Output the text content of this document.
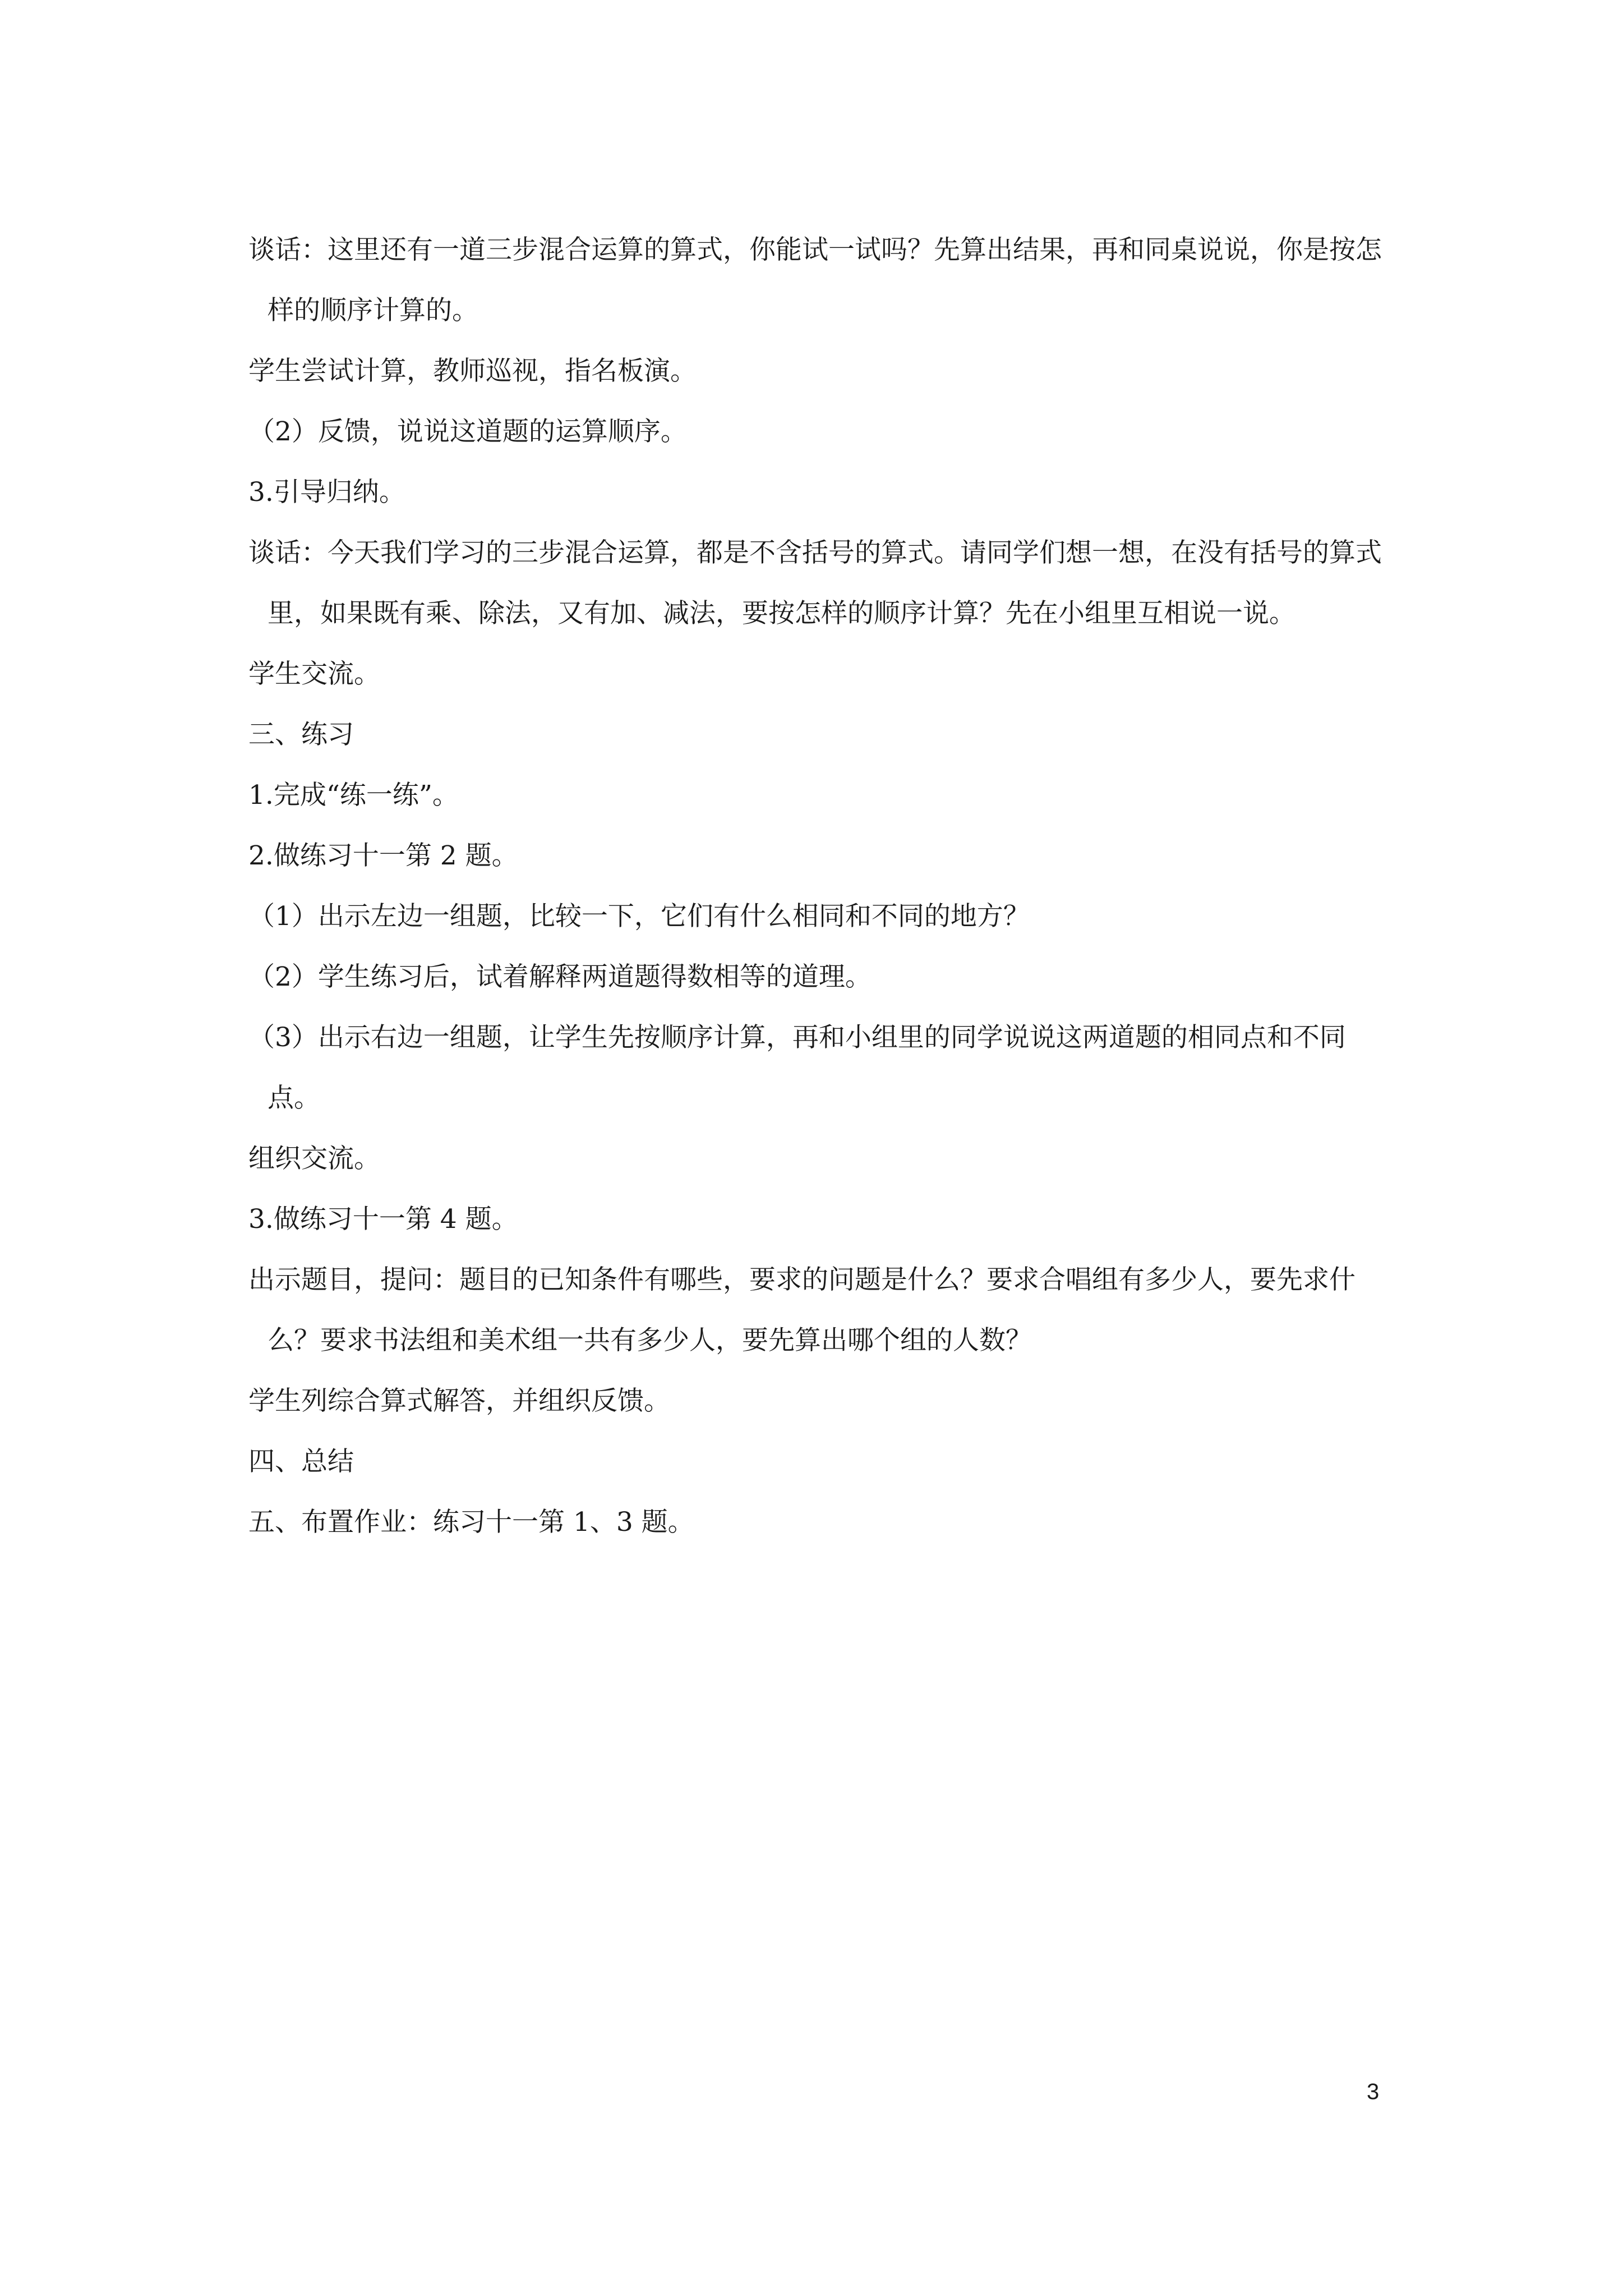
谈话：这里还有一道三步混合运算的算式，你能试一试吗？先算出结果，再和同桌说说，你是按怎样的顺序计算的。

学生尝试计算，教师巡视，指名板演。

（2）反馈，说说这道题的运算顺序。

3.引导归纳。

谈话：今天我们学习的三步混合运算，都是不含括号的算式。请同学们想一想，在没有括号的算式里，如果既有乘、除法，又有加、减法，要按怎样的顺序计算？先在小组里互相说一说。

学生交流。

三、练习

1.完成“练一练”。

2.做练习十一第 2 题。

（1）出示左边一组题，比较一下，它们有什么相同和不同的地方？

（2）学生练习后，试着解释两道题得数相等的道理。

（3）出示右边一组题，让学生先按顺序计算，再和小组里的同学说说这两道题的相同点和不同点。

组织交流。

3.做练习十一第 4 题。

出示题目，提问：题目的已知条件有哪些，要求的问题是什么？要求合唱组有多少人，要先求什么？要求书法组和美术组一共有多少人，要先算出哪个组的人数？

学生列综合算式解答，并组织反馈。

四、总结

五、布置作业：练习十一第 1、3 题。

3
